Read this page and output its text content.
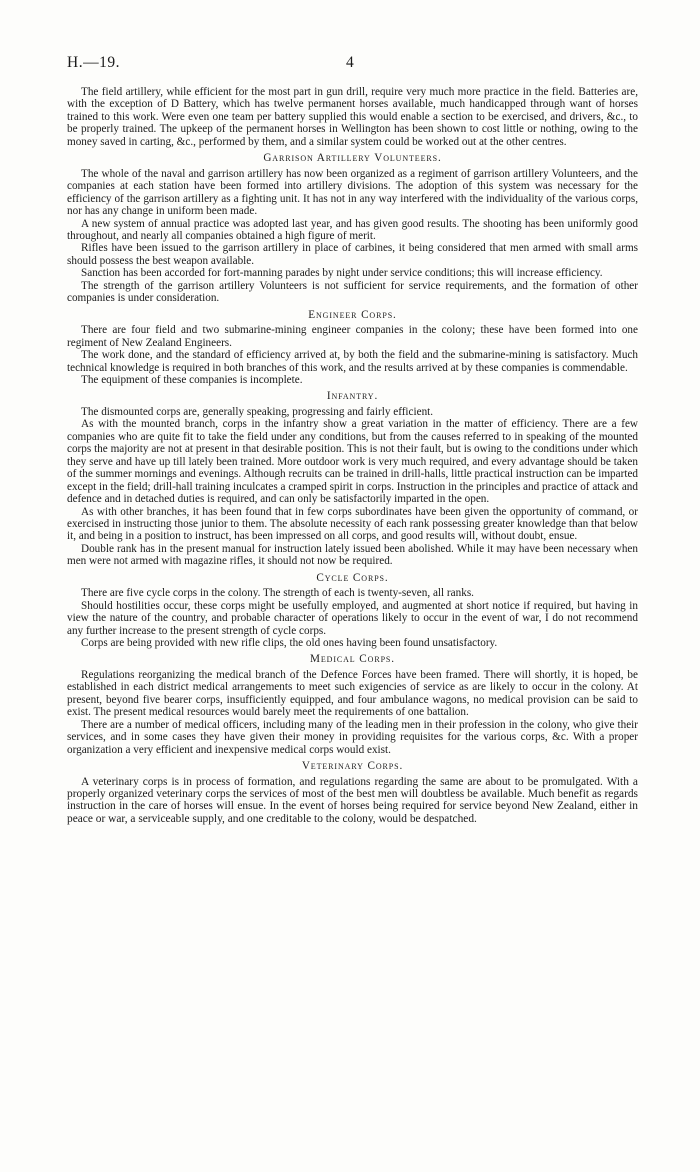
H.—19.	4

The field artillery, while efficient for the most part in gun drill, require very much more practice in the field. Batteries are, with the exception of D Battery, which has twelve permanent horses available, much handicapped through want of horses trained to this work. Were even one team per battery supplied this would enable a section to be exercised, and drivers, &c., to be properly trained. The upkeep of the permanent horses in Wellington has been shown to cost little or nothing, owing to the money saved in carting, &c., performed by them, and a similar system could be worked out at the other centres.

Garrison Artillery Volunteers.

The whole of the naval and garrison artillery has now been organized as a regiment of garrison artillery Volunteers, and the companies at each station have been formed into artillery divisions. The adoption of this system was necessary for the efficiency of the garrison artillery as a fighting unit. It has not in any way interfered with the individuality of the various corps, nor has any change in uniform been made.

A new system of annual practice was adopted last year, and has given good results. The shooting has been uniformly good throughout, and nearly all companies obtained a high figure of merit.

Rifles have been issued to the garrison artillery in place of carbines, it being considered that men armed with small arms should possess the best weapon available.

Sanction has been accorded for fort-manning parades by night under service conditions; this will increase efficiency.

The strength of the garrison artillery Volunteers is not sufficient for service requirements, and the formation of other companies is under consideration.

Engineer Corps.

There are four field and two submarine-mining engineer companies in the colony; these have been formed into one regiment of New Zealand Engineers.

The work done, and the standard of efficiency arrived at, by both the field and the submarine-mining is satisfactory. Much technical knowledge is required in both branches of this work, and the results arrived at by these companies is commendable.

The equipment of these companies is incomplete.

Infantry.

The dismounted corps are, generally speaking, progressing and fairly efficient.

As with the mounted branch, corps in the infantry show a great variation in the matter of efficiency. There are a few companies who are quite fit to take the field under any conditions, but from the causes referred to in speaking of the mounted corps the majority are not at present in that desirable position. This is not their fault, but is owing to the conditions under which they serve and have up till lately been trained. More outdoor work is very much required, and every advantage should be taken of the summer mornings and evenings. Although recruits can be trained in drill-halls, little practical instruction can be imparted except in the field; drill-hall training inculcates a cramped spirit in corps. Instruction in the principles and practice of attack and defence and in detached duties is required, and can only be satisfactorily imparted in the open.

As with other branches, it has been found that in few corps subordinates have been given the opportunity of command, or exercised in instructing those junior to them. The absolute necessity of each rank possessing greater knowledge than that below it, and being in a position to instruct, has been impressed on all corps, and good results will, without doubt, ensue.

Double rank has in the present manual for instruction lately issued been abolished. While it may have been necessary when men were not armed with magazine rifles, it should not now be required.

Cycle Corps.

There are five cycle corps in the colony. The strength of each is twenty-seven, all ranks.

Should hostilities occur, these corps might be usefully employed, and augmented at short notice if required, but having in view the nature of the country, and probable character of operations likely to occur in the event of war, I do not recommend any further increase to the present strength of cycle corps.

Corps are being provided with new rifle clips, the old ones having been found unsatisfactory.

Medical Corps.

Regulations reorganizing the medical branch of the Defence Forces have been framed. There will shortly, it is hoped, be established in each district medical arrangements to meet such exigencies of service as are likely to occur in the colony. At present, beyond five bearer corps, insufficiently equipped, and four ambulance wagons, no medical provision can be said to exist. The present medical resources would barely meet the requirements of one battalion.

There are a number of medical officers, including many of the leading men in their profession in the colony, who give their services, and in some cases they have given their money in providing requisites for the various corps, &c. With a proper organization a very efficient and inexpensive medical corps would exist.

Veterinary Corps.

A veterinary corps is in process of formation, and regulations regarding the same are about to be promulgated. With a properly organized veterinary corps the services of most of the best men will doubtless be available. Much benefit as regards instruction in the care of horses will ensue. In the event of horses being required for service beyond New Zealand, either in peace or war, a serviceable supply, and one creditable to the colony, would be despatched.
